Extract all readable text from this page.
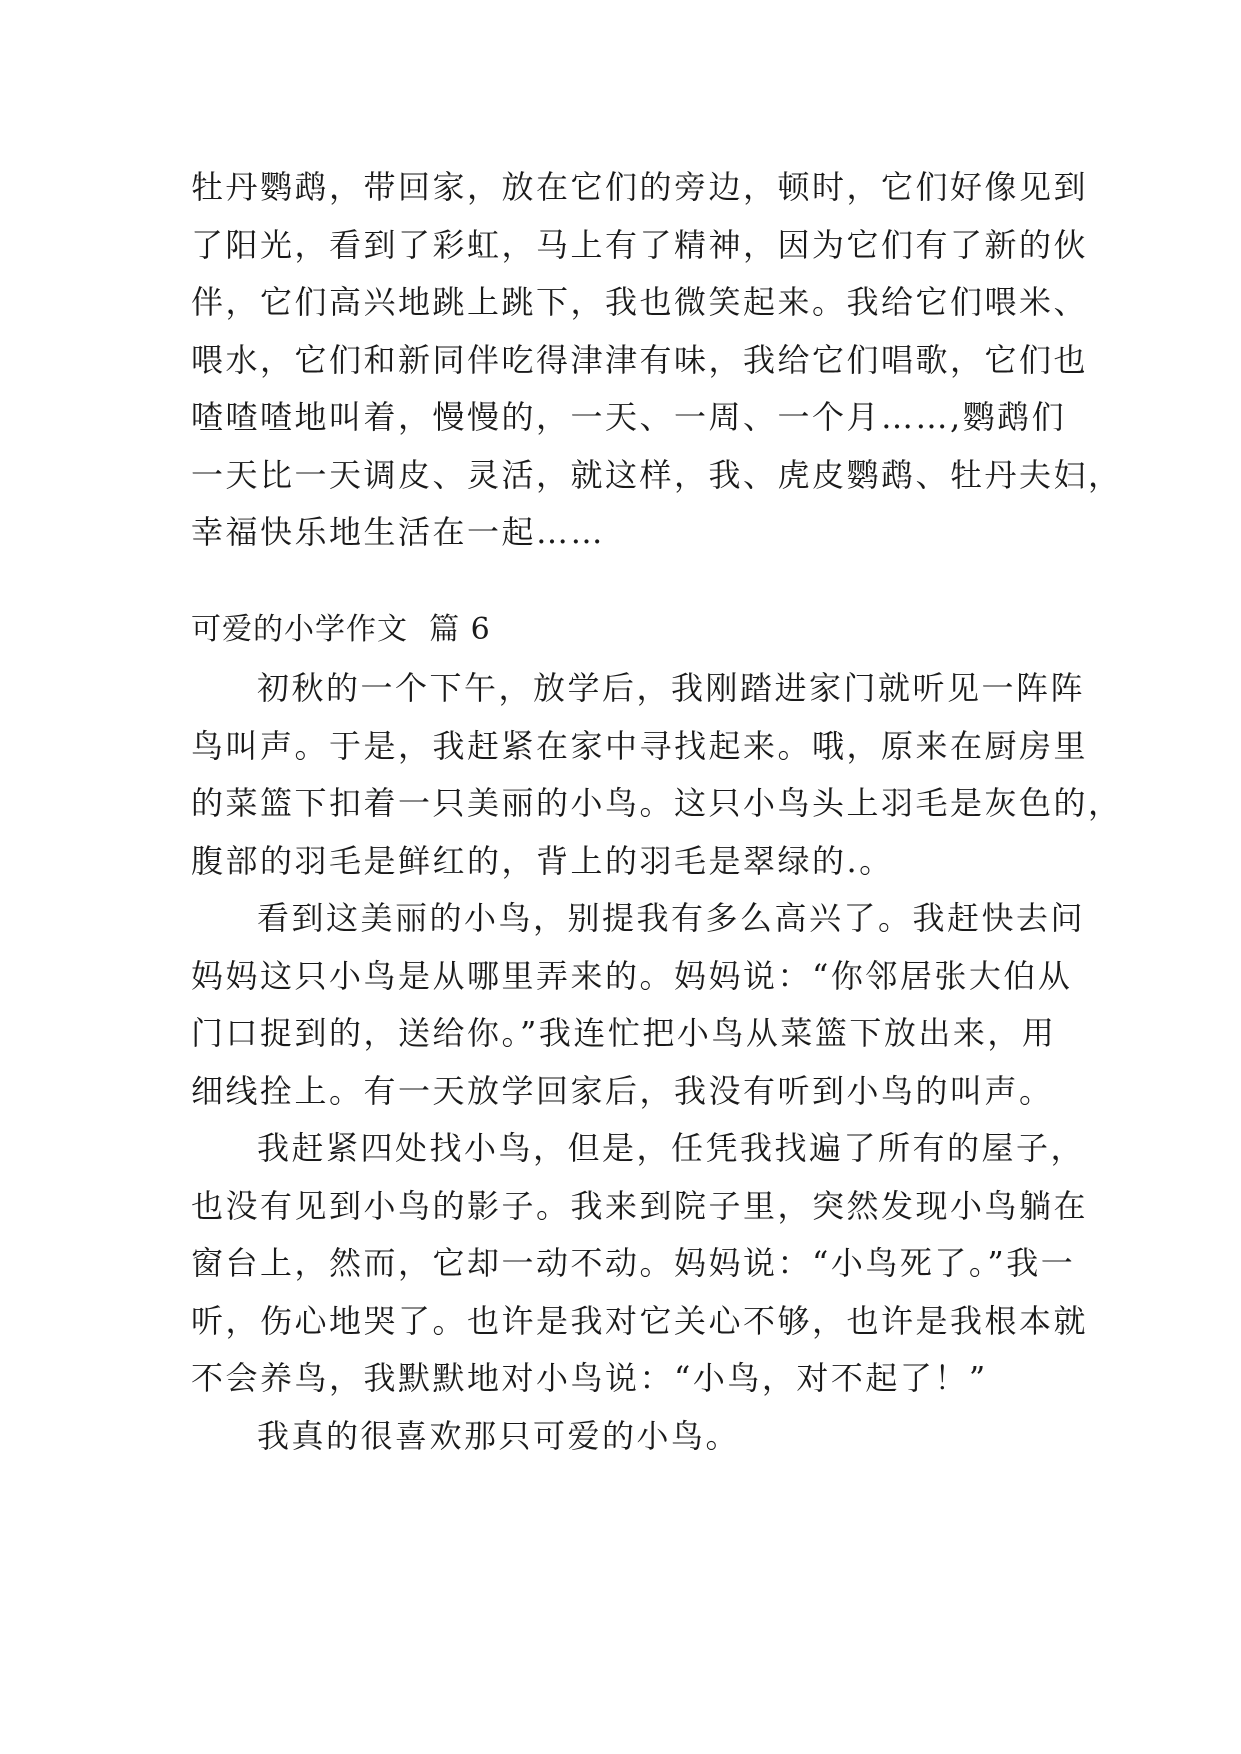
牡丹鹦鹉，带回家，放在它们的旁边，顿时，它们好像见到
了阳光，看到了彩虹，马上有了精神，因为它们有了新的伙
伴，它们高兴地跳上跳下，我也微笑起来。我给它们喂米、
喂水，它们和新同伴吃得津津有味，我给它们唱歌，它们也
喳喳喳地叫着，慢慢的，一天、一周、一个月……,鹦鹉们
一天比一天调皮、灵活，就这样，我、虎皮鹦鹉、牡丹夫妇，
幸福快乐地生活在一起……
可爱的小学作文  篇 6
初秋的一个下午，放学后，我刚踏进家门就听见一阵阵
鸟叫声。于是，我赶紧在家中寻找起来。哦，原来在厨房里
的菜篮下扣着一只美丽的小鸟。这只小鸟头上羽毛是灰色的，
腹部的羽毛是鲜红的，背上的羽毛是翠绿的.。
看到这美丽的小鸟，别提我有多么高兴了。我赶快去问
妈妈这只小鸟是从哪里弄来的。妈妈说：“你邻居张大伯从
门口捉到的，送给你。”我连忙把小鸟从菜篮下放出来，用
细线拴上。有一天放学回家后，我没有听到小鸟的叫声。
我赶紧四处找小鸟，但是，任凭我找遍了所有的屋子，
也没有见到小鸟的影子。我来到院子里，突然发现小鸟躺在
窗台上，然而，它却一动不动。妈妈说：“小鸟死了。”我一
听，伤心地哭了。也许是我对它关心不够，也许是我根本就
不会养鸟，我默默地对小鸟说：“小鸟，对不起了！”
我真的很喜欢那只可爱的小鸟。
